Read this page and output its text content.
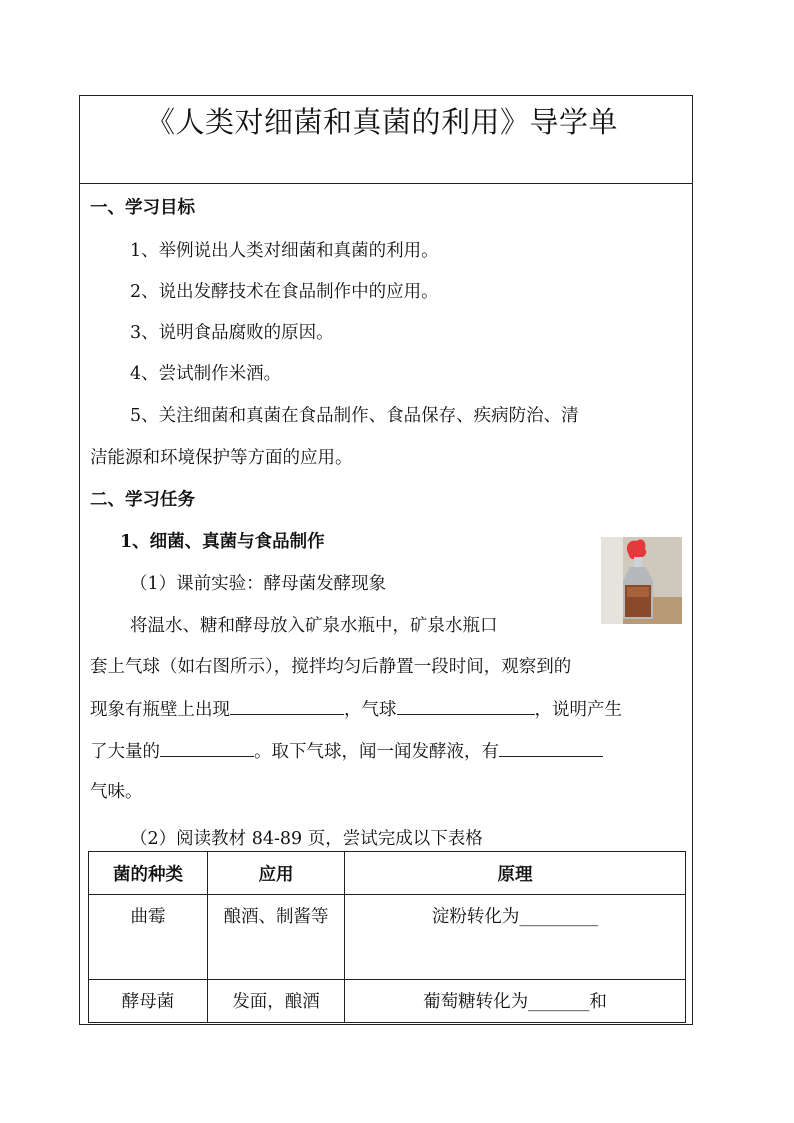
《人类对细菌和真菌的利用》导学单
一、学习目标
1、举例说出人类对细菌和真菌的利用。
2、说出发酵技术在食品制作中的应用。
3、说明食品腐败的原因。
4、尝试制作米酒。
5、关注细菌和真菌在食品制作、食品保存、疾病防治、清
洁能源和环境保护等方面的应用。
二、学习任务
1、细菌、真菌与食品制作
（1）课前实验：酵母菌发酵现象
将温水、糖和酵母放入矿泉水瓶中，矿泉水瓶口
套上气球（如右图所示），搅拌均匀后静置一段时间，观察到的
现象有瓶壁上出现	，气球	，说明产生
了大量的	。取下气球，闻一闻发酵液，有
气味。
（2）阅读教材 84-89 页，尝试完成以下表格
菌的种类	应用	原理
曲霉	酿酒、制酱等	淀粉转化为_________
酵母菌	发面，酿酒	葡萄糖转化为_______和
